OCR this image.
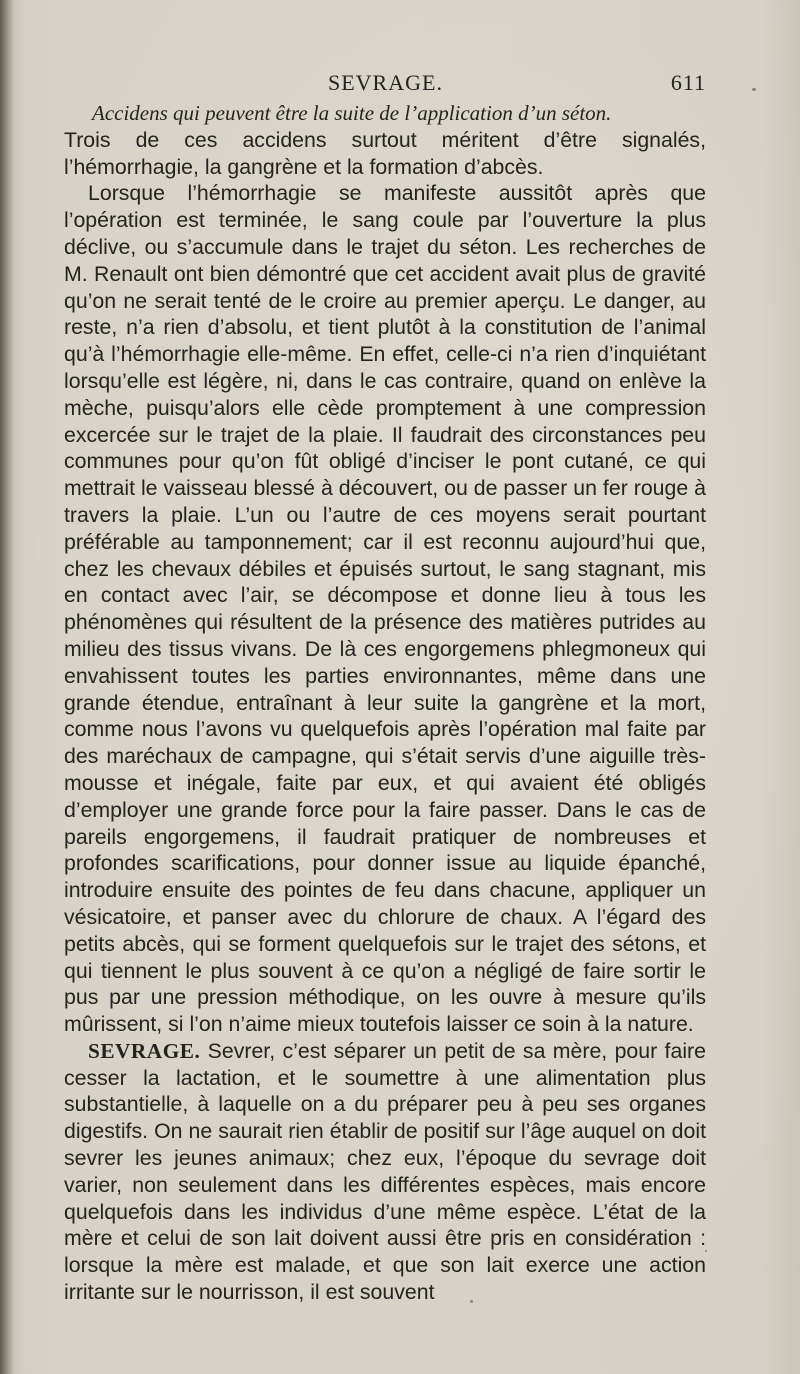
SEVRAGE.	611

Accidens qui peuvent être la suite de l’application d’un séton.

Trois de ces accidens surtout méritent d’être signalés, l’hémorrhagie, la gangrène et la formation d’abcès.

Lorsque l’hémorrhagie se manifeste aussitôt après que l’opération est terminée, le sang coule par l’ouverture la plus déclive, ou s’accumule dans le trajet du séton. Les recherches de M. Renault ont bien démontré que cet accident avait plus de gravité qu’on ne serait tenté de le croire au premier aperçu. Le danger, au reste, n’a rien d’absolu, et tient plutôt à la constitution de l’animal qu’à l’hémorrhagie elle-même. En effet, celle-ci n’a rien d’inquiétant lorsqu’elle est légère, ni, dans le cas contraire, quand on enlève la mèche, puisqu’alors elle cède promptement à une compression excercée sur le trajet de la plaie. Il faudrait des circonstances peu communes pour qu’on fût obligé d’inciser le pont cutané, ce qui mettrait le vaisseau blessé à découvert, ou de passer un fer rouge à travers la plaie. L’un ou l’autre de ces moyens serait pourtant préférable au tamponnement; car il est reconnu aujourd’hui que, chez les chevaux débiles et épuisés surtout, le sang stagnant, mis en contact avec l’air, se décompose et donne lieu à tous les phénomènes qui résultent de la présence des matières putrides au milieu des tissus vivans. De là ces engorgemens phlegmoneux qui envahissent toutes les parties environnantes, même dans une grande étendue, entraînant à leur suite la gangrène et la mort, comme nous l’avons vu quelquefois après l’opération mal faite par des maréchaux de campagne, qui s’était servis d’une aiguille très-mousse et inégale, faite par eux, et qui avaient été obligés d’employer une grande force pour la faire passer. Dans le cas de pareils engorgemens, il faudrait pratiquer de nombreuses et profondes scarifications, pour donner issue au liquide épanché, introduire ensuite des pointes de feu dans chacune, appliquer un vésicatoire, et panser avec du chlorure de chaux. A l’égard des petits abcès, qui se forment quelquefois sur le trajet des sétons, et qui tiennent le plus souvent à ce qu’on a négligé de faire sortir le pus par une pression méthodique, on les ouvre à mesure qu’ils mûrissent, si l’on n’aime mieux toutefois laisser ce soin à la nature.

SEVRAGE. Sevrer, c’est séparer un petit de sa mère, pour faire cesser la lactation, et le soumettre à une alimentation plus substantielle, à laquelle on a du préparer peu à peu ses organes digestifs. On ne saurait rien établir de positif sur l’âge auquel on doit sevrer les jeunes animaux; chez eux, l’époque du sevrage doit varier, non seulement dans les différentes espèces, mais encore quelquefois dans les individus d’une même espèce. L’état de la mère et celui de son lait doivent aussi être pris en considération : lorsque la mère est malade, et que son lait exerce une action irritante sur le nourrisson, il est souvent
